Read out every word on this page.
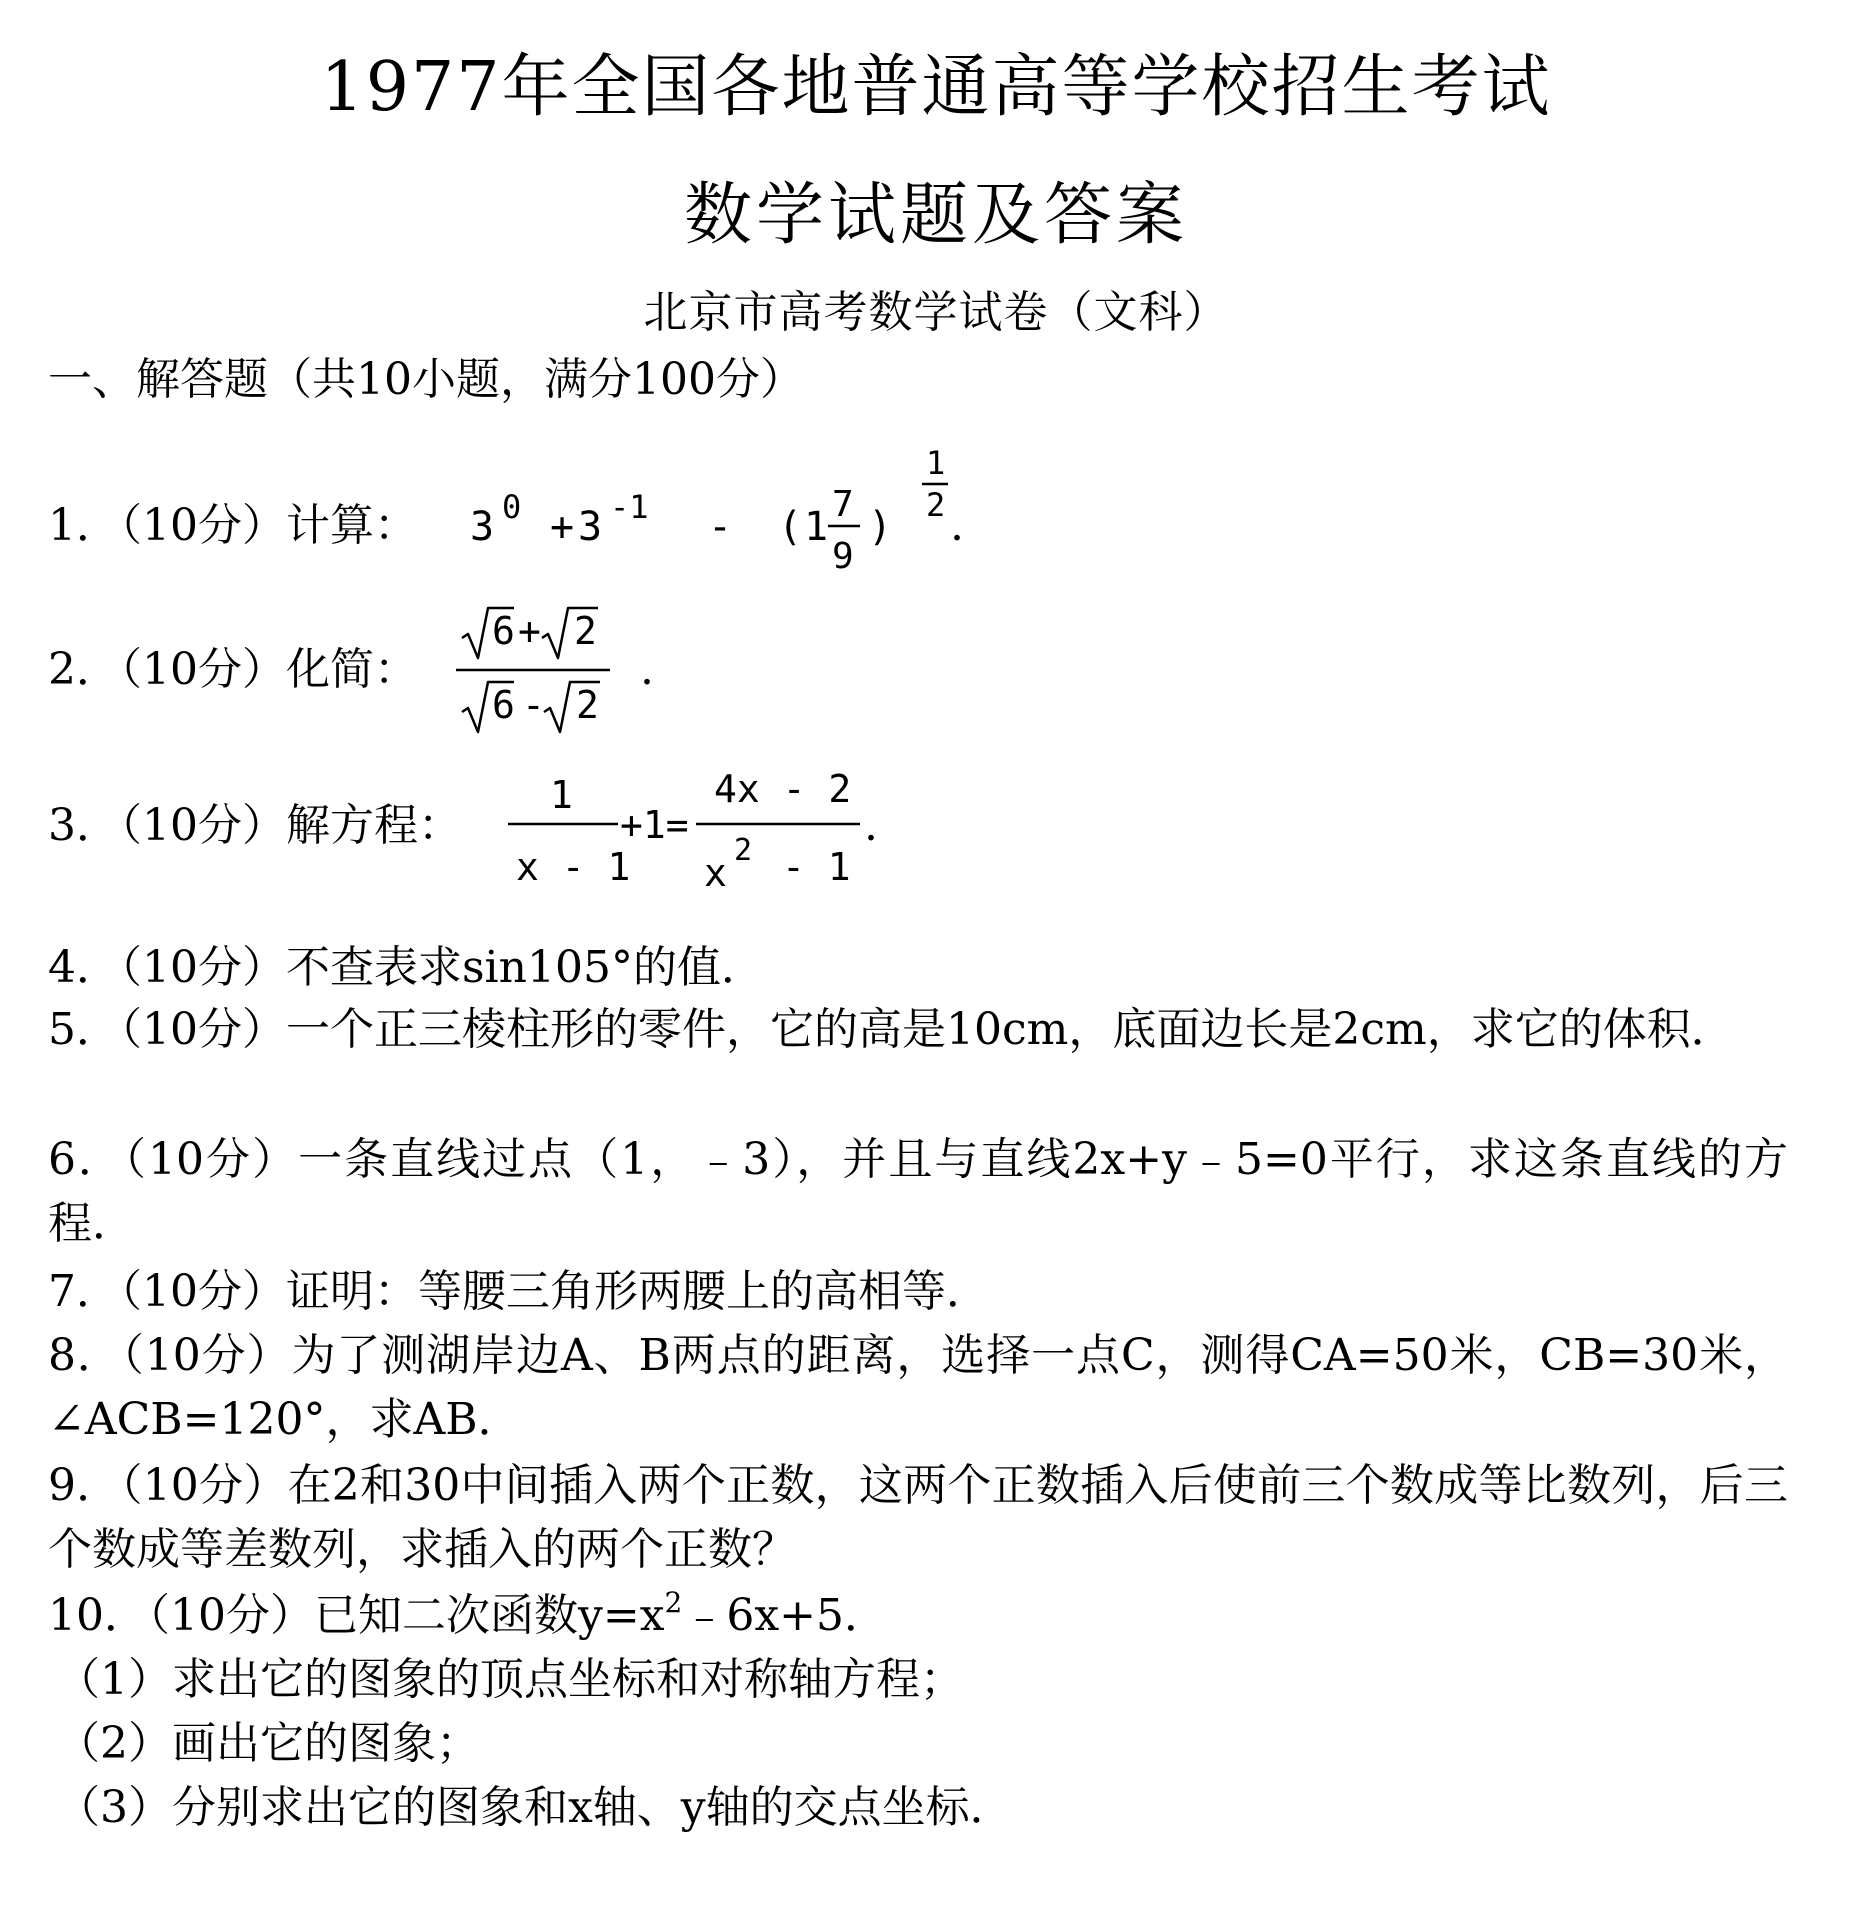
1977年全国各地普通高等学校招生考试
数学试题及答案
北京市高考数学试卷（文科）
一、解答题（共10小题，满分100分）
1．（10分）计算： 3 0 + 3 -1 - ( 1 7
9
)
1
2 .
2．（10分）化简：
6 + 2
6 - 2
.
3．（10分）解方程：
1
x - 1
+1=
4x - 2
x
2 - 1
.
4．（10分）不查表求sin105°的值．
5．（10分）一个正三棱柱形的零件，它的高是10cm，底面边长是2cm，求它的体积．
6．（10分）一条直线过点（1，﹣3），并且与直线2x+y﹣5=0平行，求这条直线的方程．
7．（10分）证明：等腰三角形两腰上的高相等．
8．（10分）为了测湖岸边A、B两点的距离，选择一点C，测得CA=50米，CB=30米，∠ACB=120°，求AB．
9．（10分）在2和30中间插入两个正数，这两个正数插入后使前三个数成等比数列，后三个数成等差数列，求插入的两个正数？
10．（10分）已知二次函数$y=x^2﹣6x+5$．
（1）求出它的图象的顶点坐标和对称轴方程；
（2）画出它的图象；
（3）分别求出它的图象和x轴、y轴的交点坐标．
